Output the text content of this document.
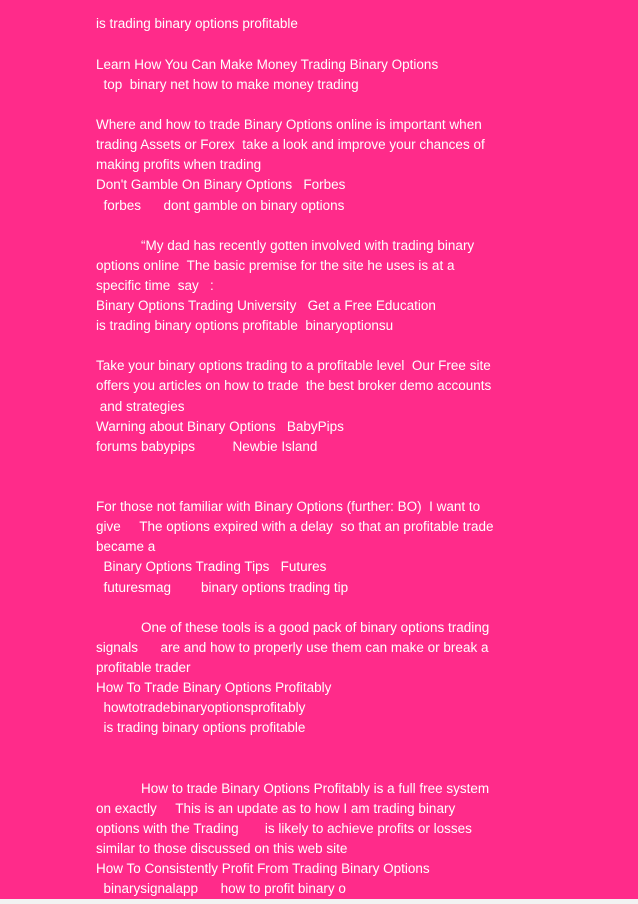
is trading binary options profitable
Learn How You Can Make Money Trading Binary Options
top  binary net how to make money trading
Where and how to trade Binary Options online is important when
trading Assets or Forex  take a look and improve your chances of
making profits when trading
Don't Gamble On Binary Options   Forbes
forbes      dont gamble on binary options
“My dad has recently gotten involved with trading binary
options online  The basic premise for the site he uses is at a
specific time  say   :
Binary Options Trading University   Get a Free Education
is trading binary options profitable  binaryoptionsu
Take your binary options trading to a profitable level  Our Free site
offers you articles on how to trade  the best broker demo accounts
and strategies
Warning about Binary Options   BabyPips
forums babypips          Newbie Island
For those not familiar with Binary Options (further: BO)  I want to
give     The options expired with a delay  so that an profitable trade
became a
Binary Options Trading Tips   Futures
futuresmag        binary options trading tip
One of these tools is a good pack of binary options trading
signals      are and how to properly use them can make or break a
profitable trader
How To Trade Binary Options Profitably
howtotradebinaryoptionsprofitably
is trading binary options profitable
How to trade Binary Options Profitably is a full free system
on exactly     This is an update as to how I am trading binary
options with the Trading       is likely to achieve profits or losses
similar to those discussed on this web site
How To Consistently Profit From Trading Binary Options
binarysignalapp      how to profit binary o
